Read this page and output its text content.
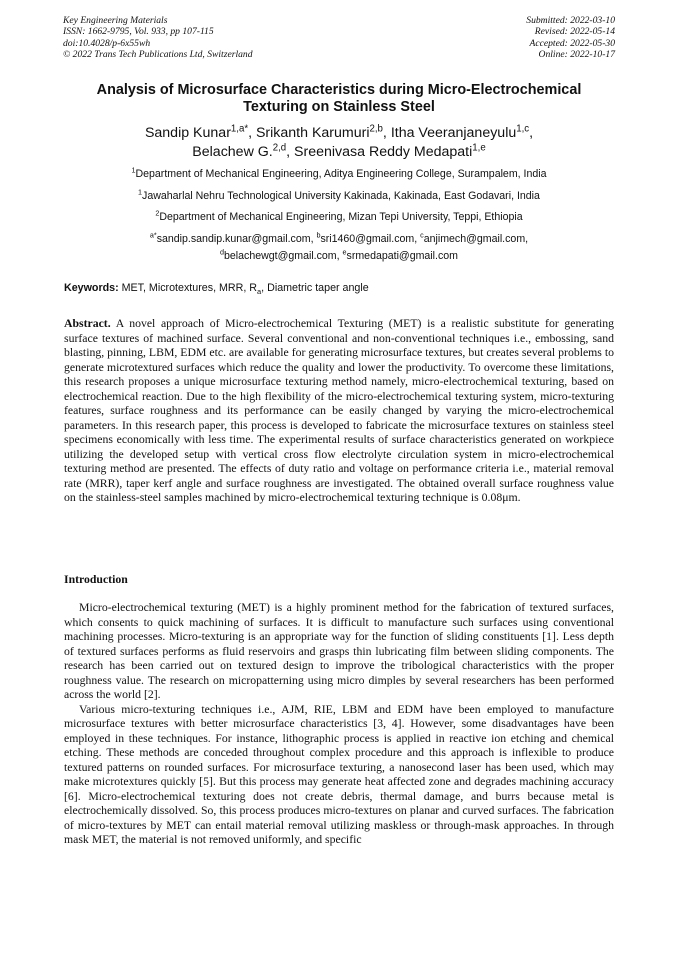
Key Engineering Materials
ISSN: 1662-9795, Vol. 933, pp 107-115
doi:10.4028/p-6x55wh
© 2022 Trans Tech Publications Ltd, Switzerland
Submitted: 2022-03-10
Revised: 2022-05-14
Accepted: 2022-05-30
Online: 2022-10-17
Analysis of Microsurface Characteristics during Micro-Electrochemical
Texturing on Stainless Steel
Sandip Kunar$^{1,a*}$, Srikanth Karumuri$^{2,b}$, Itha Veeranjaneyulu$^{1,c}$,
Belachew G.$^{2,d}$, Sreenivasa Reddy Medapati$^{1,e}$
$^1$Department of Mechanical Engineering, Aditya Engineering College, Surampalem, India
$^1$Jawaharlal Nehru Technological University Kakinada, Kakinada, East Godavari, India
$^2$Department of Mechanical Engineering, Mizan Tepi University, Teppi, Ethiopia
$^{a*}$sandip.sandip.kunar@gmail.com, $^b$sri1460@gmail.com, $^c$anjimech@gmail.com,
$^d$belachewgt@gmail.com, $^e$srmedapati@gmail.com
Keywords: MET, Microtextures, MRR, $R_a$, Diametric taper angle
Abstract. A novel approach of Micro-electrochemical Texturing (MET) is a realistic substitute for generating surface textures of machined surface. Several conventional and non-conventional techniques i.e., embossing, sand blasting, pinning, LBM, EDM etc. are available for generating microsurface textures, but creates several problems to generate microtextured surfaces which reduce the quality and lower the productivity. To overcome these limitations, this research proposes a unique microsurface texturing method namely, micro-electrochemical texturing, based on electrochemical reaction. Due to the high flexibility of the micro-electrochemical texturing system, micro-texturing features, surface roughness and its performance can be easily changed by varying the micro-electrochemical parameters. In this research paper, this process is developed to fabricate the microsurface textures on stainless steel specimens economically with less time. The experimental results of surface characteristics generated on workpiece utilizing the developed setup with vertical cross flow electrolyte circulation system in micro-electrochemical texturing method are presented. The effects of duty ratio and voltage on performance criteria i.e., material removal rate (MRR), taper kerf angle and surface roughness are investigated. The obtained overall surface roughness value on the stainless-steel samples machined by micro-electrochemical texturing technique is 0.08μm.
Introduction

Micro-electrochemical texturing (MET) is a highly prominent method for the fabrication of textured surfaces, which consents to quick machining of surfaces. It is difficult to manufacture such surfaces using conventional machining processes. Micro-texturing is an appropriate way for the function of sliding constituents [1]. Less depth of textured surfaces performs as fluid reservoirs and grasps thin lubricating film between sliding components. The research has been carried out on textured design to improve the tribological characteristics with the proper roughness value. The research on micropatterning using micro dimples by several researchers has been performed across the world [2].

Various micro-texturing techniques i.e., AJM, RIE, LBM and EDM have been employed to manufacture microsurface textures with better microsurface characteristics [3, 4]. However, some disadvantages have been employed in these techniques. For instance, lithographic process is applied in reactive ion etching and chemical etching. These methods are conceded throughout complex procedure and this approach is inflexible to produce textured patterns on rounded surfaces. For microsurface texturing, a nanosecond laser has been used, which may make microtextures quickly [5]. But this process may generate heat affected zone and degrades machining accuracy [6]. Micro-electrochemical texturing does not create debris, thermal damage, and burrs because metal is electrochemically dissolved. So, this process produces micro-textures on planar and curved surfaces. The fabrication of micro-textures by MET can entail material removal utilizing maskless or through-mask approaches. In through mask MET, the material is not removed uniformly, and specific
